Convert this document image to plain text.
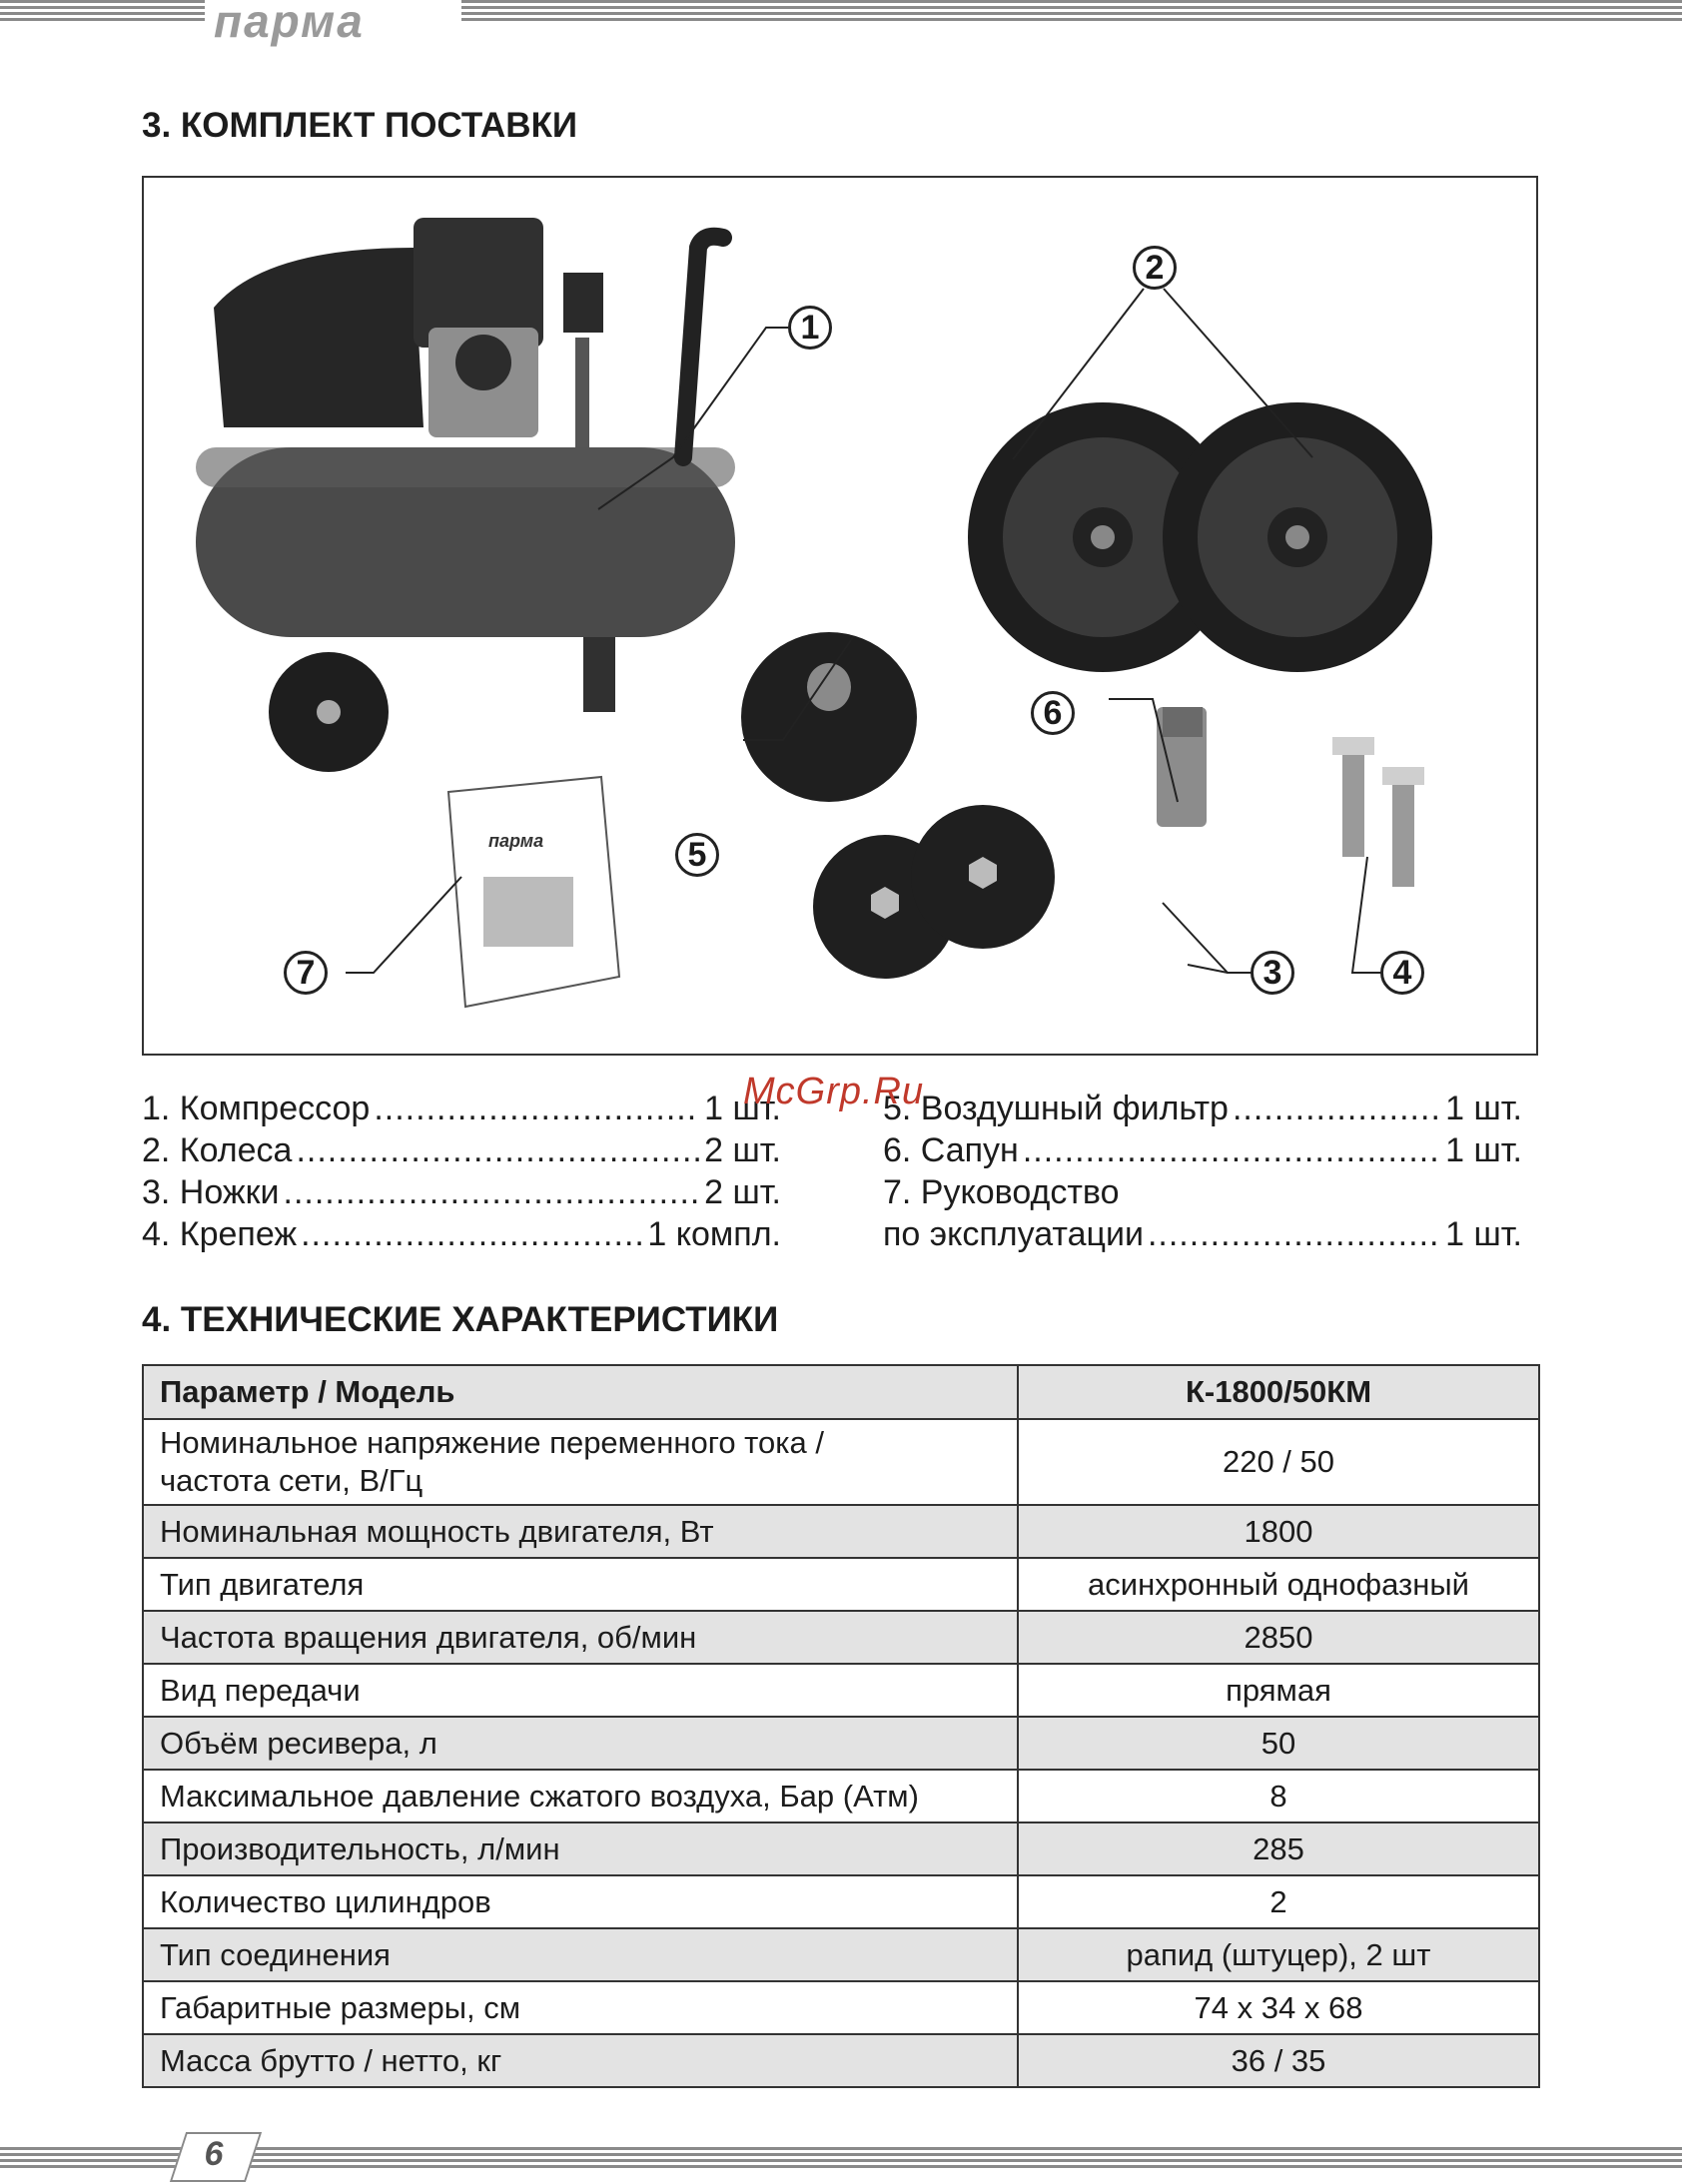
парма
3. КОМПЛЕКТ ПОСТАВКИ
парма
1
2
3	4
5
6
7
1. Компрессор .....	1 шт.
2. Колеса .....	2 шт.
3. Ножки .....	2 шт.
4. Крепеж .....	1 компл.
5. Воздушный фильтр .....	1 шт.
6. Сапун .....	1 шт.
7. Руководство
по эксплуатации .....	1 шт.
McGrp.Ru
4. ТЕХНИЧЕСКИЕ ХАРАКТЕРИСТИКИ
Параметр / Модель	К-1800/50КМ
Номинальное напряжение переменного тока /
частота сети, В/Гц	220 / 50
Номинальная мощность двигателя, Вт	1800
Тип двигателя	асинхронный однофазный
Частота вращения двигателя, об/мин	2850
Вид передачи	прямая
Объём ресивера, л	50
Максимальное давление сжатого воздуха, Бар (Атм)	8
Производительность, л/мин	285
Количество цилиндров	2
Тип соединения	рапид (штуцер), 2 шт
Габаритные размеры, см	74 х 34 х 68
Масса брутто / нетто, кг	36 / 35
6
